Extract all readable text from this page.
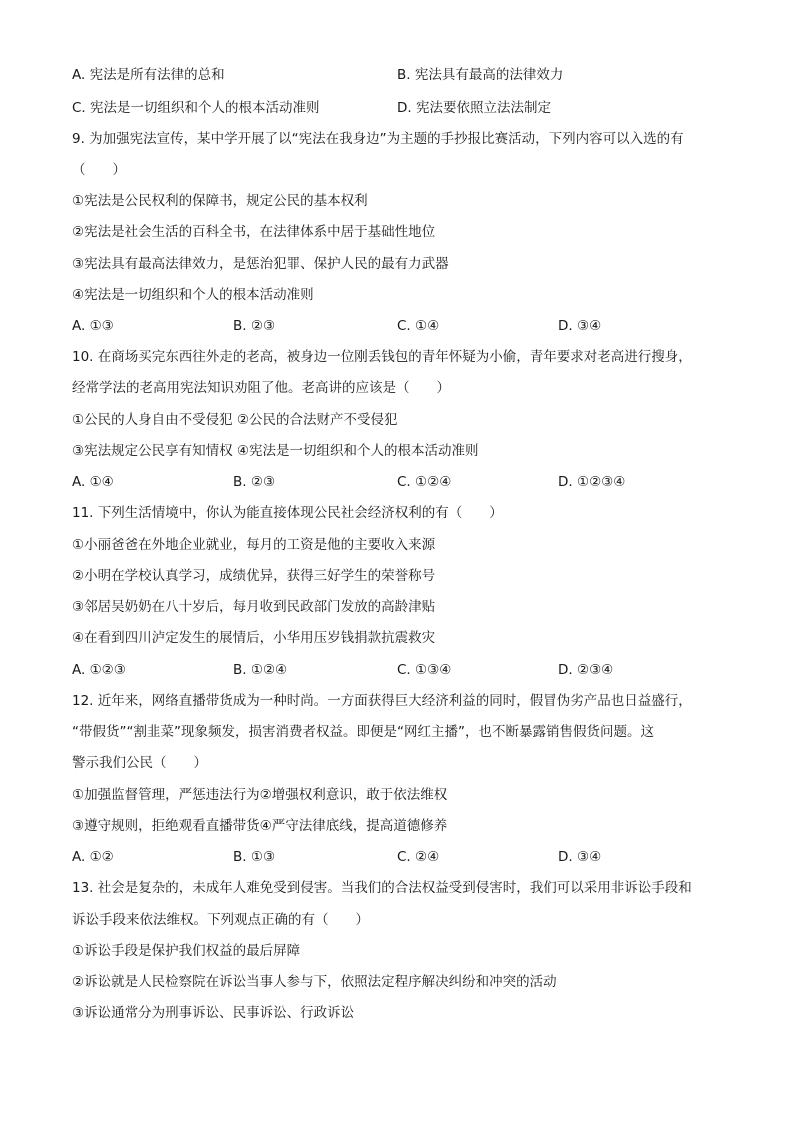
A. 宪法是所有法律的总和	B. 宪法具有最高的法律效力
C. 宪法是一切组织和个人的根本活动准则	D. 宪法要依照立法法制定
9. 为加强宪法宣传，某中学开展了以“宪法在我身边”为主题的手抄报比赛活动，下列内容可以入选的有
（　　）
①宪法是公民权利的保障书，规定公民的基本权利
②宪法是社会生活的百科全书，在法律体系中居于基础性地位
③宪法具有最高法律效力，是惩治犯罪、保护人民的最有力武器
④宪法是一切组织和个人的根本活动准则
A. ①③	B. ②③	C. ①④	D. ③④
10. 在商场买完东西往外走的老高，被身边一位刚丢钱包的青年怀疑为小偷，青年要求对老高进行搜身，
经常学法的老高用宪法知识劝阻了他。老高讲的应该是（　　）
①公民的人身自由不受侵犯 ②公民的合法财产不受侵犯
③宪法规定公民享有知情权 ④宪法是一切组织和个人的根本活动准则
A. ①④	B. ②③	C. ①②④	D. ①②③④
11. 下列生活情境中，你认为能直接体现公民社会经济权利的有（　　）
①小丽爸爸在外地企业就业，每月的工资是他的主要收入来源
②小明在学校认真学习，成绩优异，获得三好学生的荣誉称号
③邻居吴奶奶在八十岁后，每月收到民政部门发放的高龄津贴
④在看到四川泸定发生的展情后，小华用压岁钱捐款抗震救灾
A. ①②③	B. ①②④	C. ①③④	D. ②③④
12. 近年来，网络直播带货成为一种时尚。一方面获得巨大经济利益的同时，假冒伪劣产品也日益盛行，
“带假货”“割韭菜”现象频发，损害消费者权益。即便是“网红主播”，也不断暴露销售假货问题。这
警示我们公民（　　）
①加强监督管理，严惩违法行为②增强权利意识，敢于依法维权
③遵守规则，拒绝观看直播带货④严守法律底线，提高道德修养
A. ①②	B. ①③	C. ②④	D. ③④
13. 社会是复杂的，未成年人难免受到侵害。当我们的合法权益受到侵害时，我们可以采用非诉讼手段和
诉讼手段来依法维权。下列观点正确的有（　　）
①诉讼手段是保护我们权益的最后屏障
②诉讼就是人民检察院在诉讼当事人参与下，依照法定程序解决纠纷和冲突的活动
③诉讼通常分为刑事诉讼、民事诉讼、行政诉讼
